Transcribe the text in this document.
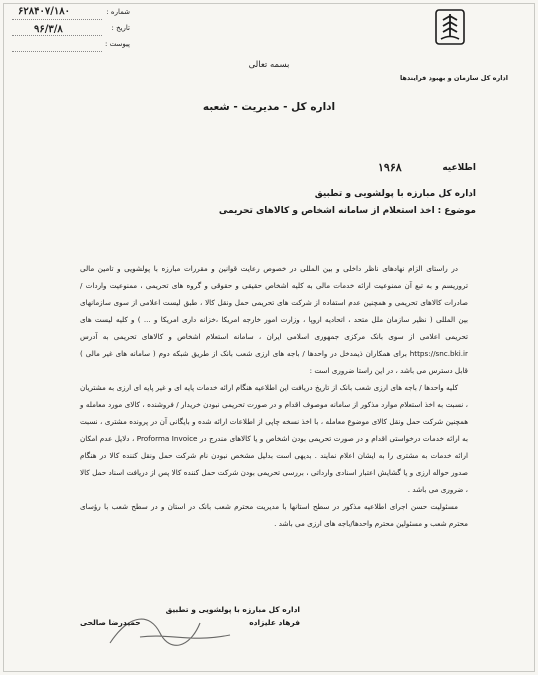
اداره کل سازمان و بهبود فرایندها
شماره :
۶۲۸۴۰۷/۱۸۰
تاریخ :
۹۶/۳/۸
پیوست :
بسمه تعالی
اداره کل - مدیریت - شعبه
اطلاعیه
۱۹۶۸
اداره کل مبارزه با پولشویی و تطبیق
موضوع : اخذ استعلام از سامانه اشخاص و کالاهای تحریمی

در راستای الزام نهادهای ناظر داخلی و بین المللی در خصوص رعایت قوانین و مقررات مبارزه با پولشویی و تامین مالی تروریسم و به تبع آن ممنوعیت ارائه خدمات مالی به کلیه اشخاص حقیقی و حقوقی و گروه های تحریمی ، ممنوعیت واردات / صادرات کالاهای تحریمی و همچنین عدم استفاده از شرکت های تحریمی حمل ونقل کالا ، طبق لیست اعلامی از سوی سازمانهای بین المللی ( نظیر سازمان ملل متحد ، اتحادیه اروپا ، وزارت امور خارجه امریکا ،خزانه داری امریکا و ... ) و کلیه لیست های تحریمی اعلامی از سوی بانک مرکزی جمهوری اسلامی ایران ، سامانه استعلام اشخاص و کالاهای تحریمی به آدرس https://snc.bki.ir برای همکاران ذیمدخل در واحدها / باجه های ارزی شعب بانک از طریق شبکه دوم ( سامانه های غیر مالی ) قابل دسترس می باشد ، در این راستا ضروری است :

کلیه واحدها / باجه های ارزی شعب بانک از تاریخ دریافت این اطلاعیه هنگام ارائه خدمات پایه ای و غیر پایه ای ارزی به مشتریان ، نسبت به اخذ استعلام موارد مذکور از سامانه موصوف اقدام و در صورت تحریمی نبودن خریدار / فروشنده ، کالای مورد معامله و همچنین شرکت حمل ونقل کالای موضوع معامله ، با اخذ نسخه چاپی از اطلاعات ارائه شده و بایگانی آن در پرونده مشتری ، نسبت به ارائه خدمات درخواستی اقدام و در صورت تحریمی بودن اشخاص و یا کالاهای مندرج در Proforma Invoice ، دلایل عدم امکان ارائه خدمات به مشتری را به ایشان اعلام نمایند . بدیهی است بدلیل مشخص نبودن نام شرکت حمل ونقل کننده کالا در هنگام صدور حواله ارزی و یا گشایش اعتبار اسنادی وارداتی ، بررسی تحریمی بودن شرکت حمل کننده کالا پس از دریافت اسناد حمل کالا ، ضروری می باشد .

مسئولیت حسن اجرای اطلاعیه مذکور در سطح استانها با مدیریت محترم شعب بانک در استان و در سطح شعب با رؤسای محترم شعب و مسئولین محترم واحدها/باجه های ارزی می باشد .

اداره کل مبارزه با پولشویی و تطبیق
فرهاد علیزاده
حمیدرضا صالحی
